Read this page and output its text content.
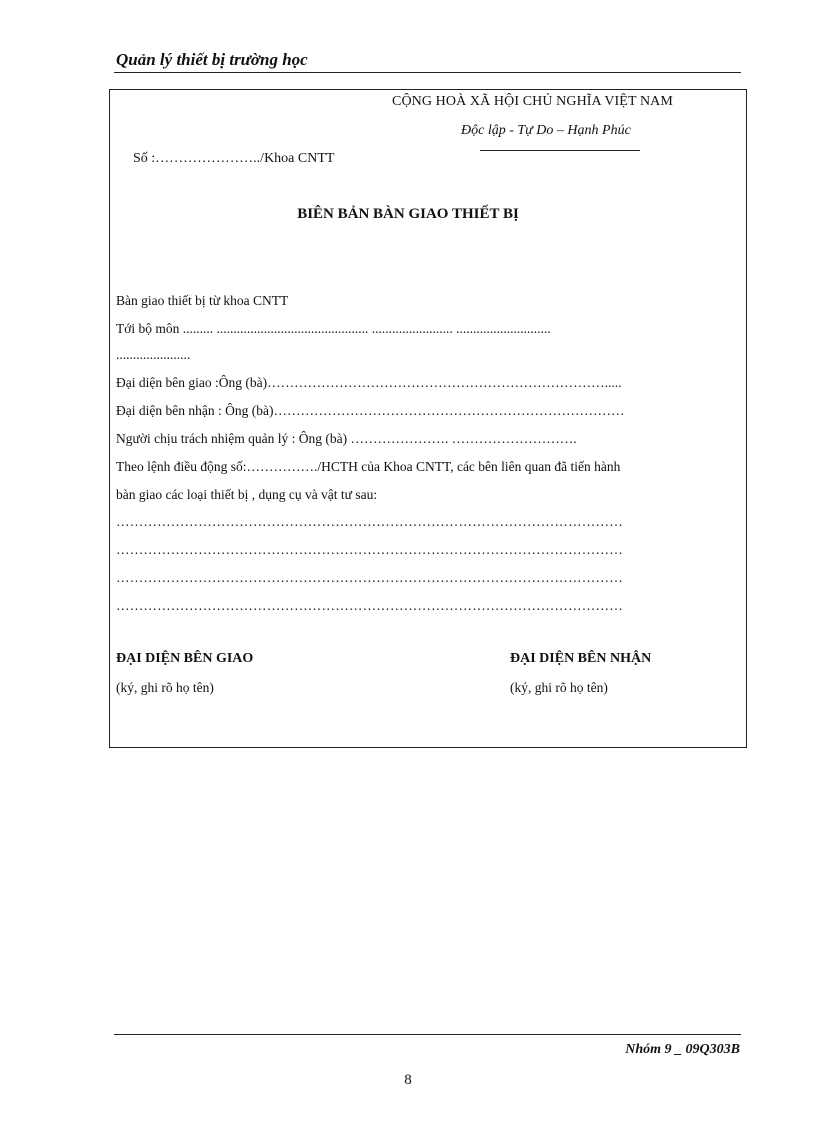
Quản lý thiết bị trường học
CỘNG HOÀ XÃ HỘI CHỦ NGHĨA VIỆT NAM
Độc lập - Tự Do – Hạnh Phúc
Số :…………………../Khoa CNTT
BIÊN BẢN BÀN GIAO THIẾT BỊ
Bàn giao thiết bị từ khoa CNTT
Tới bộ môn ......... ............................................. ........................ ............................
......................
Đại diện bên giao :Ông (bà)………………………………………………………………….....
Đại diện bên nhận : Ông (bà)……………………………………………………………………
Người chịu trách nhiệm quản lý : Ông (bà) …………………. ……………………….
Theo lệnh điều động số:……………./HCTH của Khoa CNTT, các bên liên quan đã tiến hành
bàn giao các loại thiết bị , dụng cụ và vật tư sau:
…………………………………………………………………………………………………
…………………………………………………………………………………………………
…………………………………………………………………………………………………
…………………………………………………………………………………………………
ĐẠI DIỆN BÊN GIAO
(ký, ghi rõ họ tên)
ĐẠI DIỆN BÊN NHẬN
(ký, ghi rõ họ tên)
Nhóm 9 _ 09Q303B
8
